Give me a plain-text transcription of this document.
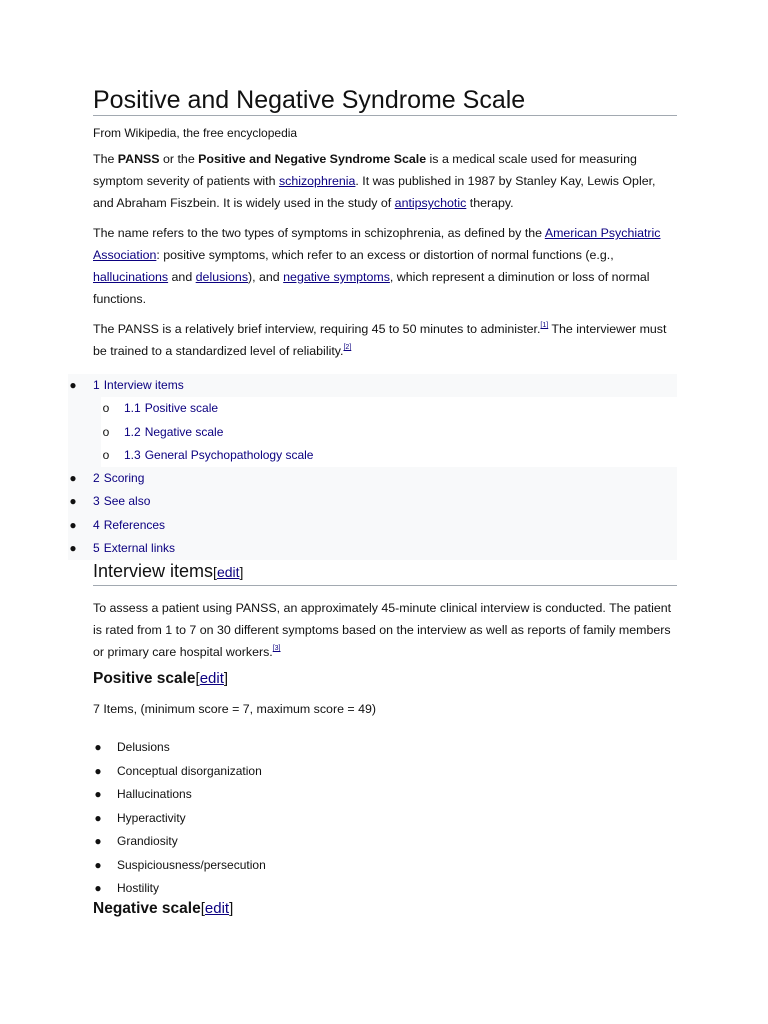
Positive and Negative Syndrome Scale
From Wikipedia, the free encyclopedia

The PANSS or the Positive and Negative Syndrome Scale is a medical scale used for measuring symptom severity of patients with schizophrenia. It was published in 1987 by Stanley Kay, Lewis Opler, and Abraham Fiszbein. It is widely used in the study of antipsychotic therapy.

The name refers to the two types of symptoms in schizophrenia, as defined by the American Psychiatric Association: positive symptoms, which refer to an excess or distortion of normal functions (e.g., hallucinations and delusions), and negative symptoms, which represent a diminution or loss of normal functions.

The PANSS is a relatively brief interview, requiring 45 to 50 minutes to administer.[1] The interviewer must be trained to a standardized level of reliability.[2]

● 1 Interview items
o 1.1 Positive scale
o 1.2 Negative scale
o 1.3 General Psychopathology scale
● 2 Scoring
● 3 See also
● 4 References
● 5 External links
Interview items[edit]

To assess a patient using PANSS, an approximately 45-minute clinical interview is conducted. The patient is rated from 1 to 7 on 30 different symptoms based on the interview as well as reports of family members or primary care hospital workers.[3]

Positive scale[edit]
7 Items, (minimum score = 7, maximum score = 49)
● Delusions
● Conceptual disorganization
● Hallucinations
● Hyperactivity
● Grandiosity
● Suspiciousness/persecution
● Hostility
Negative scale[edit]
